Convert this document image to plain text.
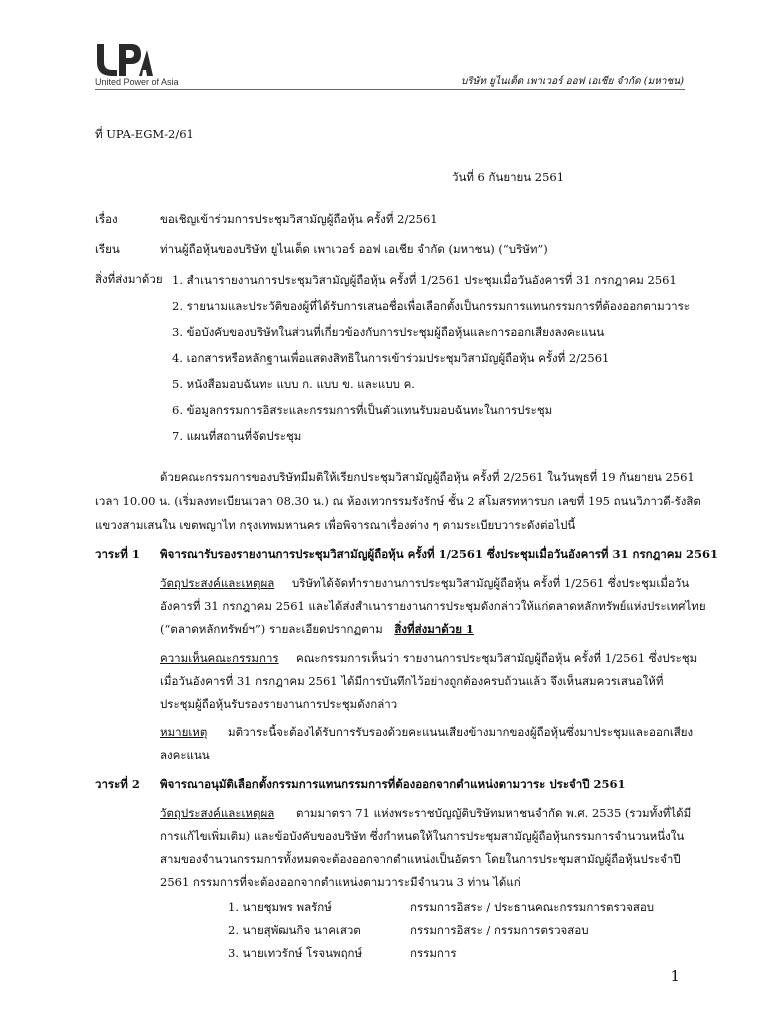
United Power of Asia	บริษัท ยูไนเต็ด เพาเวอร์ ออฟ เอเชีย จำกัด (มหาชน)
ที่ UPA-EGM-2/61
วันที่ 6 กันยายน 2561
เรื่อง	ขอเชิญเข้าร่วมการประชุมวิสามัญผู้ถือหุ้น ครั้งที่ 2/2561
เรียน	ท่านผู้ถือหุ้นของบริษัท ยูไนเต็ด เพาเวอร์ ออฟ เอเชีย จำกัด (มหาชน) (“บริษัท”)
สิ่งที่ส่งมาด้วย 1. สำเนารายงานการประชุมวิสามัญผู้ถือหุ้น ครั้งที่ 1/2561 ประชุมเมื่อวันอังคารที่ 31 กรกฎาคม 2561
2. รายนามและประวัติของผู้ที่ได้รับการเสนอชื่อเพื่อเลือกตั้งเป็นกรรมการแทนกรรมการที่ต้องออกตามวาระ
3. ข้อบังคับของบริษัทในส่วนที่เกี่ยวข้องกับการประชุมผู้ถือหุ้นและการออกเสียงลงคะแนน
4. เอกสารหรือหลักฐานเพื่อแสดงสิทธิในการเข้าร่วมประชุมวิสามัญผู้ถือหุ้น ครั้งที่ 2/2561
5. หนังสือมอบฉันทะ แบบ ก. แบบ ข. และแบบ ค.
6. ข้อมูลกรรมการอิสระและกรรมการที่เป็นตัวแทนรับมอบฉันทะในการประชุม
7. แผนที่สถานที่จัดประชุม
ด้วยคณะกรรมการของบริษัทมีมติให้เรียกประชุมวิสามัญผู้ถือหุ้น ครั้งที่ 2/2561 ในวันพุธที่ 19 กันยายน 2561
เวลา 10.00 น. (เริ่มลงทะเบียนเวลา 08.30 น.) ณ ห้องเทวกรรมรังรักษ์ ชั้น 2 สโมสรทหารบก เลขที่ 195 ถนนวิภาวดี-รังสิต
แขวงสามเสนใน เขตพญาไท กรุงเทพมหานคร เพื่อพิจารณาเรื่องต่าง ๆ ตามระเบียบวาระดังต่อไปนี้
วาระที่ 1 พิจารณารับรองรายงานการประชุมวิสามัญผู้ถือหุ้น ครั้งที่ 1/2561 ซึ่งประชุมเมื่อวันอังคารที่ 31 กรกฎาคม 2561
วัตถุประสงค์และเหตุผล บริษัทได้จัดทำรายงานการประชุมวิสามัญผู้ถือหุ้น ครั้งที่ 1/2561 ซึ่งประชุมเมื่อวัน
อังคารที่ 31 กรกฎาคม 2561 และได้ส่งสำเนารายงานการประชุมดังกล่าวให้แก่ตลาดหลักทรัพย์แห่งประเทศไทย
(“ตลาดหลักทรัพย์ฯ”) รายละเอียดปรากฏตาม สิ่งที่ส่งมาด้วย 1
ความเห็นคณะกรรมการ คณะกรรมการเห็นว่า รายงานการประชุมวิสามัญผู้ถือหุ้น ครั้งที่ 1/2561 ซึ่งประชุม
เมื่อวันอังคารที่ 31 กรกฎาคม 2561 ได้มีการบันทึกไว้อย่างถูกต้องครบถ้วนแล้ว จึงเห็นสมควรเสนอให้ที่
ประชุมผู้ถือหุ้นรับรองรายงานการประชุมดังกล่าว
หมายเหตุ มติวาระนี้จะต้องได้รับการรับรองด้วยคะแนนเสียงข้างมากของผู้ถือหุ้นซึ่งมาประชุมและออกเสียง
ลงคะแนน
วาระที่ 2 พิจารณาอนุมัติเลือกตั้งกรรมการแทนกรรมการที่ต้องออกจากตำแหน่งตามวาระ ประจำปี 2561
วัตถุประสงค์และเหตุผล ตามมาตรา 71 แห่งพระราชบัญญัติบริษัทมหาชนจำกัด พ.ศ. 2535 (รวมทั้งที่ได้มี
การแก้ไขเพิ่มเติม) และข้อบังคับของบริษัท ซึ่งกำหนดให้ในการประชุมสามัญผู้ถือหุ้นกรรมการจำนวนหนึ่งใน
สามของจำนวนกรรมการทั้งหมดจะต้องออกจากตำแหน่งเป็นอัตรา โดยในการประชุมสามัญผู้ถือหุ้นประจำปี
2561 กรรมการที่จะต้องออกจากตำแหน่งตามวาระมีจำนวน 3 ท่าน ได้แก่
1. นายชุมพร พลรักษ์	กรรมการอิสระ / ประธานคณะกรรมการตรวจสอบ
2. นายสุพัฒนกิจ นาคเสวต	กรรมการอิสระ / กรรมการตรวจสอบ
3. นายเทวรักษ์ โรจนพฤกษ์	กรรมการ
1
